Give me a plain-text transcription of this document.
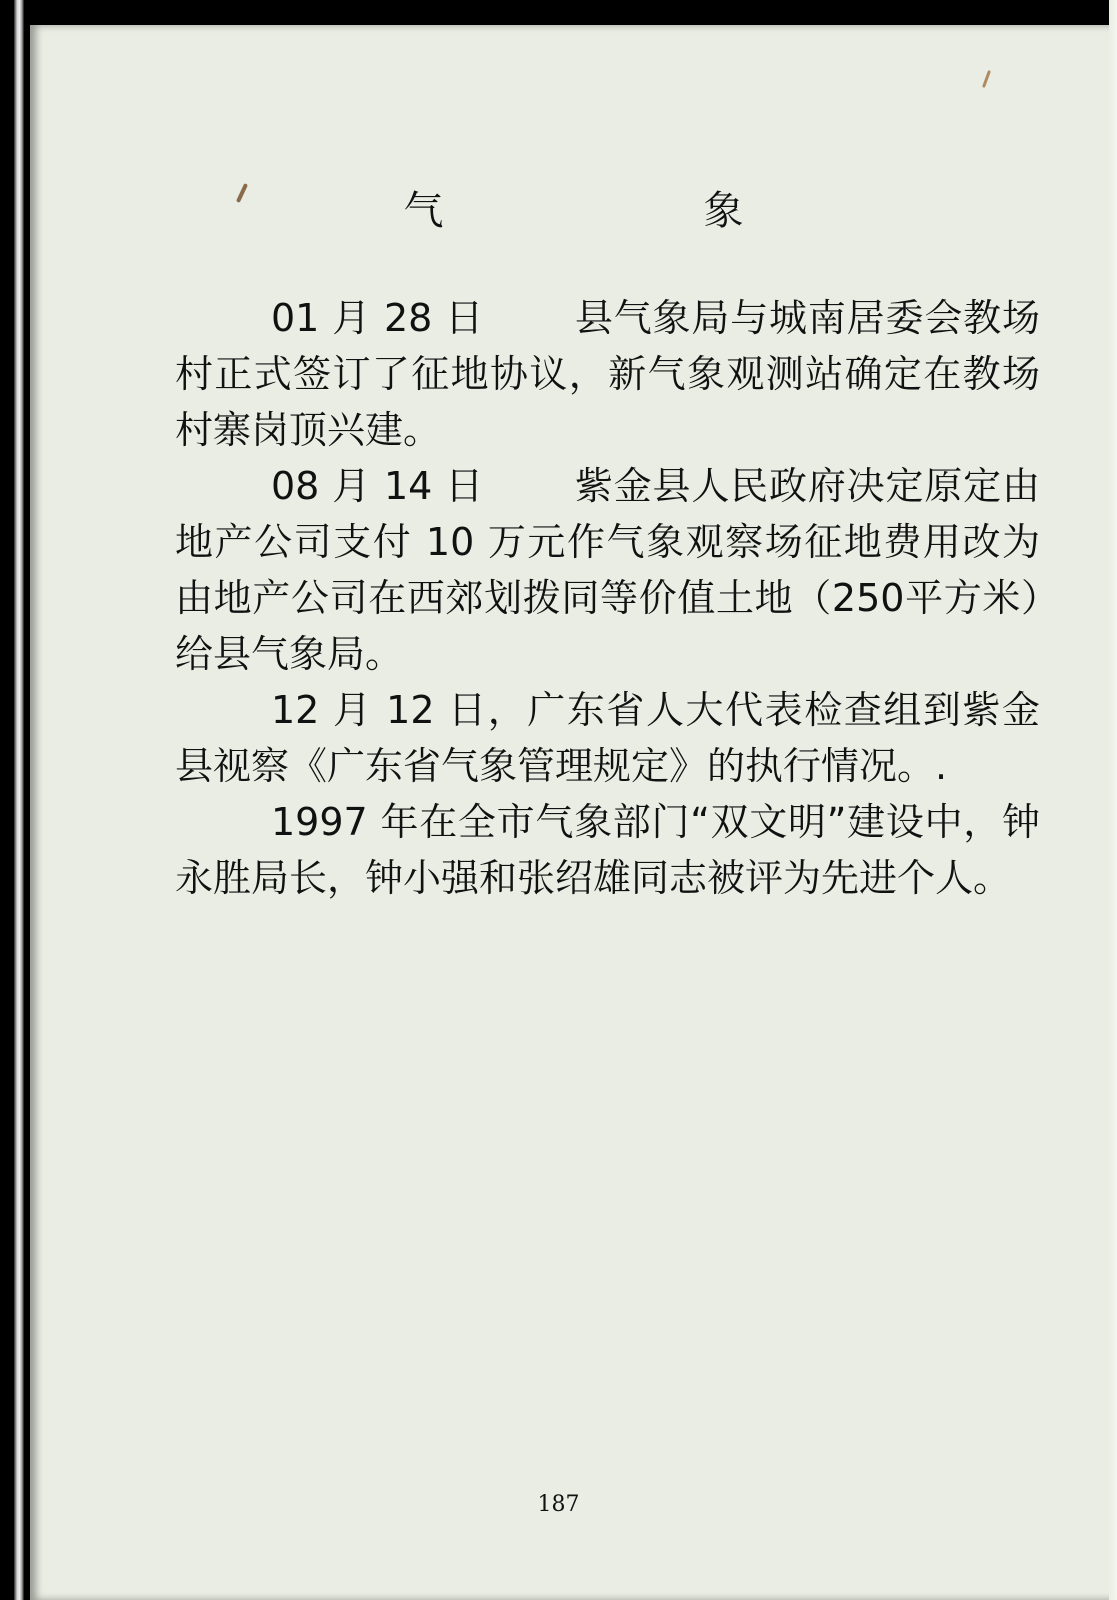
气　　象

01 月 28 日 县气象局与城南居委会教场村正式签订了征地协议，新气象观测站确定在教场村寨岗顶兴建。

08 月 14 日 紫金县人民政府决定原定由地产公司支付 10 万元作气象观察场征地费用改为由地产公司在西郊划拨同等价值土地（250平方米）给县气象局。

12 月 12 日，广东省人大代表检查组到紫金县视察《广东省气象管理规定》的执行情况。.

1997 年在全市气象部门“双文明”建设中，钟永胜局长，钟小强和张绍雄同志被评为先进个人。

187
